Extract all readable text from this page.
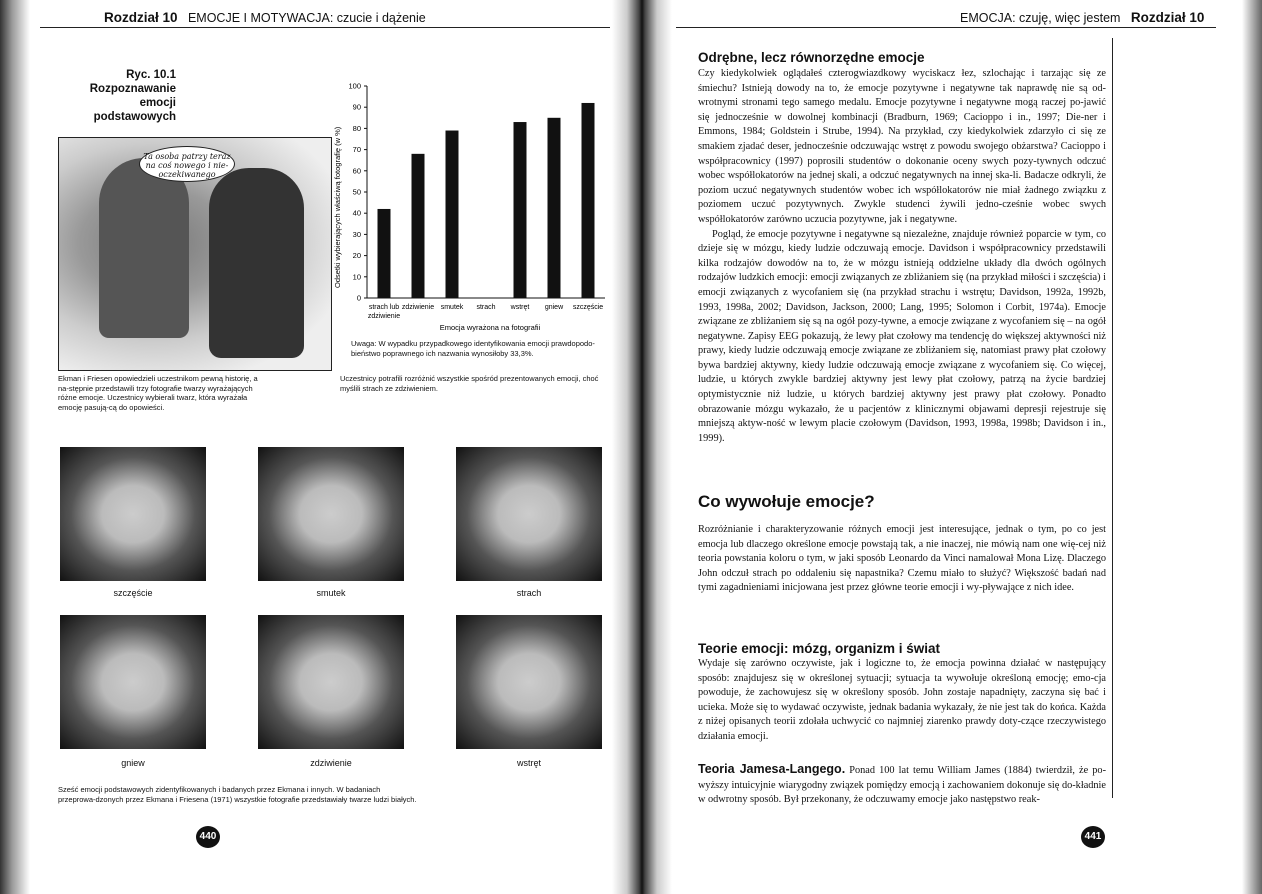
Rozdział 10 EMOCJE I MOTYWACJA: czucie i dążenie
Ryc. 10.1
Rozpoznawanie emocji
podstawowych
Ta osoba patrzy teraz na coś nowego i nie-oczekiwanego
Ekman i Friesen opowiedzieli uczestnikom pewną historię, a na-stępnie przedstawili trzy fotografie twarzy wyrażających różne emocje. Uczestnicy wybierali twarz, która wyrażała emocję pasują-cą do opowieści.
Odsetki wybierających właściwą fotografię (w %)
0
10
20
30
40
50
60
70
80
90
100
strach lub
zdziwienie
zdziwienie smutek strach wstręt gniew szczęście
Emocja wyrażona na fotografii
Uwaga: W wypadku przypadkowego identyfikowania emocji prawdopodo-bieństwo poprawnego ich nazwania wynosiłoby 33,3%.
Uczestnicy potrafili rozróżnić wszystkie spośród prezentowanych emocji, choć myślili strach ze zdziwieniem.
szczęście	smutek	strach
gniew	zdziwienie	wstręt
Sześć emocji podstawowych zidentyfikowanych i badanych przez Ekmana i innych. W badaniach przeprowa-dzonych przez Ekmana i Friesena (1971) wszystkie fotografie przedstawiały twarze ludzi białych.
440
EMOCJA: czuję, więc jestem Rozdział 10
Odrębne, lecz równorzędne emocje

Czy kiedykolwiek oglądałeś czterogwiazdkowy wyciskacz łez, szlochając i tarzając się ze śmiechu? Istnieją dowody na to, że emocje pozytywne i negatywne tak naprawdę nie są od-wrotnymi stronami tego samego medalu. Emocje pozytywne i negatywne mogą raczej po-jawić się jednocześnie w dowolnej kombinacji (Bradburn, 1969; Cacioppo i in., 1997; Die-ner i Emmons, 1984; Goldstein i Strube, 1994). Na przykład, czy kiedykolwiek zdarzyło ci się ze smakiem zjadać deser, jednocześnie odczuwając wstręt z powodu swojego obżarstwa? Cacioppo i współpracownicy (1997) poprosili studentów o dokonanie oceny swych pozy-tywnych odczuć wobec współlokatorów na jednej skali, a odczuć negatywnych na innej ska-li. Badacze odkryli, że poziom uczuć negatywnych studentów wobec ich współlokatorów nie miał żadnego związku z poziomem uczuć pozytywnych. Zwykle studenci żywili jedno-cześnie wobec swych współlokatorów zarówno uczucia pozytywne, jak i negatywne.

Pogląd, że emocje pozytywne i negatywne są niezależne, znajduje również poparcie w tym, co dzieje się w mózgu, kiedy ludzie odczuwają emocje. Davidson i współpracownicy przedstawili kilka rodzajów dowodów na to, że w mózgu istnieją oddzielne układy dla dwóch ogólnych rodzajów ludzkich emocji: emocji związanych ze zbliżaniem się (na przykład miłości i szczęścia) i emocji związanych z wycofaniem się (na przykład strachu i wstrętu; Davidson, 1992a, 1992b, 1993, 1998a, 2002; Davidson, Jackson, 2000; Lang, 1995; Solomon i Corbit, 1974a). Emocje związane ze zbliżaniem się są na ogół pozy-tywne, a emocje związane z wycofaniem się – na ogół negatywne. Zapisy EEG pokazują, że lewy płat czołowy ma tendencję do większej aktywności niż prawy, kiedy ludzie odczuwają emocje związane ze zbliżaniem się, natomiast prawy płat czołowy bywa bardziej aktywny, kiedy ludzie odczuwają emocje związane z wycofaniem się. Co więcej, ludzie, u których zwykle bardziej aktywny jest lewy płat czołowy, patrzą na życie bardziej optymistycznie niż ludzie, u których bardziej aktywny jest prawy płat czołowy. Ponadto obrazowanie mózgu wykazało, że u pacjentów z klinicznymi objawami depresji rejestruje się mniejszą aktyw-ność w lewym placie czołowym (Davidson, 1993, 1998a, 1998b; Davidson i in., 1999).

Co wywołuje emocje?
Rozróżnianie i charakteryzowanie różnych emocji jest interesujące, jednak o tym, po co jest emocja lub dlaczego określone emocje powstają tak, a nie inaczej, nie mówią nam one wię-cej niż teoria powstania koloru o tym, w jaki sposób Leonardo da Vinci namalował Mona Lizę. Dlaczego John odczuł strach po oddaleniu się napastnika? Czemu miało to służyć? Większość badań nad tymi zagadnieniami inicjowana jest przez główne teorie emocji i wy-pływające z nich idee.
Teorie emocji: mózg, organizm i świat
Wydaje się zarówno oczywiste, jak i logiczne to, że emocja powinna działać w następujący sposób: znajdujesz się w określonej sytuacji; sytuacja ta wywołuje określoną emocję; emo-cja powoduje, że zachowujesz się w określony sposób. John zostaje napadnięty, zaczyna się bać i ucieka. Może się to wydawać oczywiste, jednak badania wykazały, że nie jest tak do końca. Każda z niżej opisanych teorii zdołała uchwycić co najmniej ziarenko prawdy doty-czące rzeczywistego działania emocji.
Teoria Jamesa-Langego. Ponad 100 lat temu William James (1884) twierdził, że po-wyższy intuicyjnie wiarygodny związek pomiędzy emocją i zachowaniem dokonuje się do-kładnie w odwrotny sposób. Był przekonany, że odczuwamy emocje jako następstwo reak-
441
